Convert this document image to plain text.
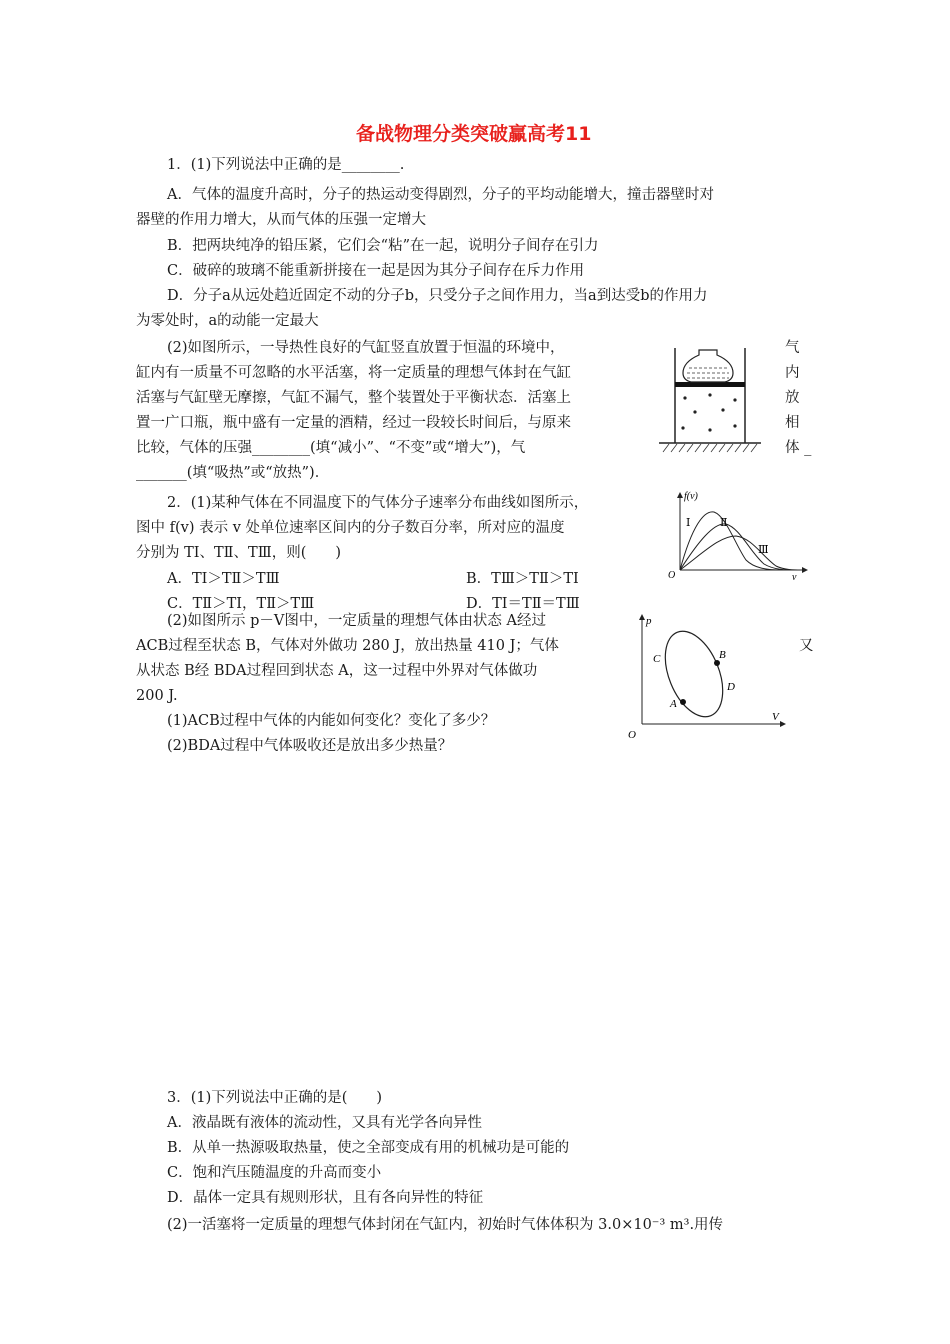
备战物理分类突破赢高考11
1．(1)下列说法中正确的是________.
A．气体的温度升高时，分子的热运动变得剧烈，分子的平均动能增大，撞击器壁时对
器壁的作用力增大，从而气体的压强一定增大
B．把两块纯净的铅压紧，它们会“粘”在一起，说明分子间存在引力
C．破碎的玻璃不能重新拼接在一起是因为其分子间存在斥力作用
D．分子a从远处趋近固定不动的分子b，只受分子之间作用力，当a到达受b的作用力
为零处时，a的动能一定最大
(2)如图所示，一导热性良好的气缸竖直放置于恒温的环境中，
缸内有一质量不可忽略的水平活塞，将一定质量的理想气体封在气缸
活塞与气缸壁无摩擦，气缸不漏气，整个装置处于平衡状态．活塞上
置一广口瓶，瓶中盛有一定量的酒精，经过一段较长时间后，与原来
比较，气体的压强________(填“减小”、“不变”或“增大”)，气
_______(填“吸热”或“放热”)．
气
内
放
相
体 _
2．(1)某种气体在不同温度下的气体分子速率分布曲线如图所示，
图中 f(v) 表示 v 处单位速率区间内的分子数百分率，所对应的温度
分别为 TⅠ、TⅡ、TⅢ，则(　　)
A．TⅠ＞TⅡ＞TⅢ	B．TⅢ＞TⅡ＞TⅠ
C．TⅡ＞TⅠ，TⅡ＞TⅢ	D．TⅠ＝TⅡ＝TⅢ
f(v)
v
O
Ⅰ	Ⅱ
Ⅲ
(2)如图所示 p－V图中，一定质量的理想气体由状态 A经过
ACB过程至状态 B，气体对外做功 280 J，放出热量 410 J；气体	又
从状态 B经 BDA过程回到状态 A，这一过程中外界对气体做功
200 J.
(1)ACB过程中气体的内能如何变化？变化了多少？
(2)BDA过程中气体吸收还是放出多少热量？
p
V
O
A
B
C
D
3．(1)下列说法中正确的是(　　)
A．液晶既有液体的流动性，又具有光学各向异性
B．从单一热源吸取热量，使之全部变成有用的机械功是可能的
C．饱和汽压随温度的升高而变小
D．晶体一定具有规则形状，且有各向异性的特征
(2)一活塞将一定质量的理想气体封闭在气缸内，初始时气体体积为 3.0×10⁻³ m³.用传
